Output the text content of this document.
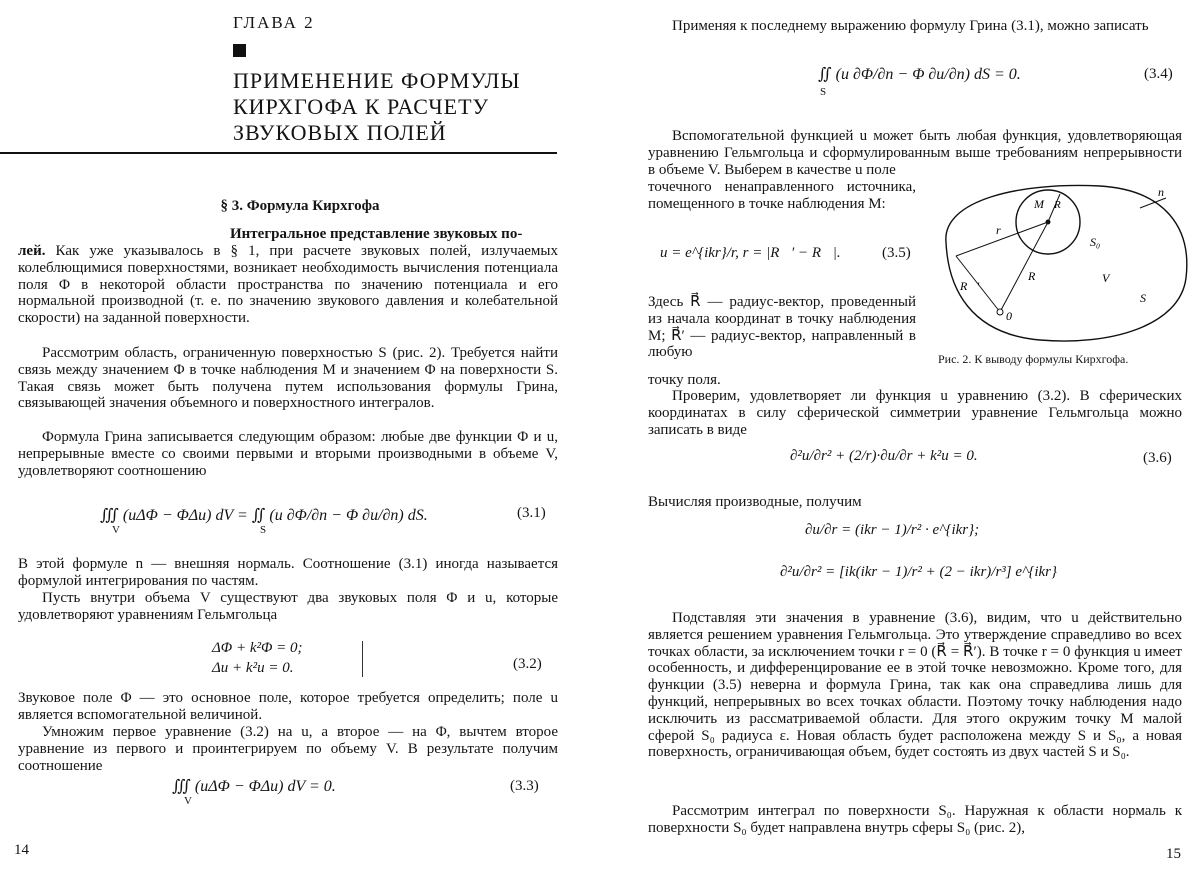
ГЛАВА 2
ПРИМЕНЕНИЕ ФОРМУЛЫ
КИРХГОФА К РАСЧЕТУ
ЗВУКОВЫХ ПОЛЕЙ
§ 3. Формула Кирхгофа
Интегральное представление звуковых по-

лей. Как уже указывалось в § 1, при расчете звуковых полей, излучаемых колеблющимися поверхностями, возникает необходимость вычисления потенциала поля Φ в некоторой области пространства по значению потенциала и его нормальной производной (т. е. по значению звукового давления и колебательной скорости) на заданной поверхности.

Рассмотрим область, ограниченную поверхностью S (рис. 2). Требуется найти связь между значением Φ в точке наблюдения M и значением Φ на поверхности S. Такая связь может быть получена путем использования формулы Грина, связывающей значения объемного и поверхностного интегралов.

Формула Грина записывается следующим образом: любые две функции Φ и u, непрерывные вместе со своими первыми и вторыми производными в объеме V, удовлетворяют соотношению

∭ (uΔΦ − ΦΔu) dV = ∬ (u ∂Φ/∂n − Φ ∂u/∂n) dS.
V	S
(3.1)

В этой формуле n — внешняя нормаль. Соотношение (3.1) иногда называется формулой интегрирования по частям.

Пусть внутри объема V существуют два звуковых поля Φ и u, которые удовлетворяют уравнениям Гельмгольца

ΔΦ + k²Φ = 0;
Δu + k²u = 0.	(3.2)

Звуковое поле Φ — это основное поле, которое требуется определить; поле u является вспомогательной величиной.

Умножим первое уравнение (3.2) на u, а второе — на Φ, вычтем второе уравнение из первого и проинтегрируем по объему V. В результате получим соотношение

∭ (uΔΦ − ΦΔu) dV = 0.
V
(3.3)
14

Применяя к последнему выражению формулу Грина (3.1), можно записать

∬ (u ∂Φ/∂n − Φ ∂u/∂n) dS = 0.
S
(3.4)

Вспомогательной функцией u может быть любая функция, удовлетворяющая уравнению Гельмгольца и сформулированным выше требованиям непрерывности в объеме V. Выберем в качестве u поле

точечного ненаправленного источника, помещенного в точке наблюдения M:

u = e^{ikr}/r, r = |R⃗′ − R⃗|.	(3.5)

Здесь R⃗ — радиус-вектор, проведенный из начала координат в точку наблюдения M; R⃗′ — радиус-вектор, направленный в любую

точку поля.

n⃗
M R⃗
r
S₀
V
S
R⃗′
R⃗
0
Рис. 2. К выводу формулы Кирхгофа.

Проверим, удовлетворяет ли функция u уравнению (3.2). В сферических координатах в силу сферической симметрии уравнение Гельмгольца можно записать в виде

∂²u/∂r² + (2/r)·∂u/∂r + k²u = 0.	(3.6)

Вычисляя производные, получим

∂u/∂r = (ikr − 1)/r² · e^{ikr};
∂²u/∂r² = [ik(ikr − 1)/r² + (2 − ikr)/r³] e^{ikr}

Подставляя эти значения в уравнение (3.6), видим, что u действительно является решением уравнения Гельмгольца. Это утверждение справедливо во всех точках области, за исключением точки r = 0 (R⃗ = R⃗′). В точке r = 0 функция u имеет особенность, и дифференцирование ее в этой точке невозможно. Кроме того, для функции (3.5) неверна и формула Грина, так как она справедлива лишь для функций, непрерывных во всех точках области. Поэтому точку наблюдения надо исключить из рассматриваемой области. Для этого окружим точку M малой сферой S₀ радиуса ε. Новая область будет расположена между S и S₀, а новая поверхность, ограничивающая объем, будет состоять из двух частей S и S₀.

Рассмотрим интеграл по поверхности S₀. Наружная к области нормаль к поверхности S₀ будет направлена внутрь сферы S₀ (рис. 2),

15
